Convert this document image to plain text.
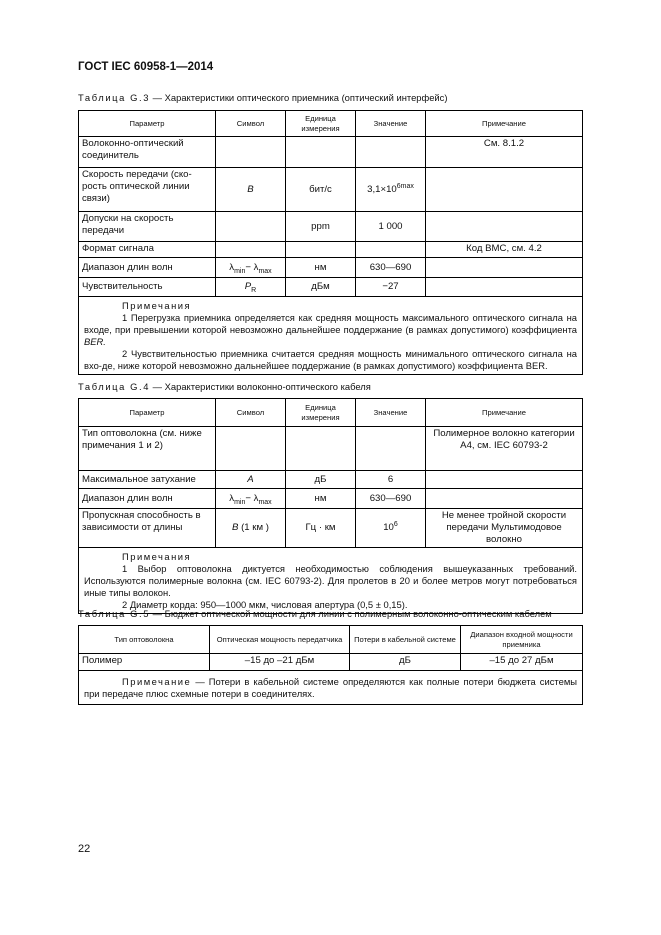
ГОСТ IEC 60958-1—2014
Таблица G.3 — Характеристики оптического приемника (оптический интерфейс)
Параметр	Символ	Единица измерения	Значение	Примечание
Волоконно-оптический соединитель				См. 8.1.2
Скорость передачи (ско-рость оптической линии связи)	B	бит/с	$3,1\times 10^{6max}$	
Допуски на скорость передачи		ppm	1 000	
Формат сигнала				Код ВМС, см. 4.2
Диапазон длин волн	$\lambda_{min}- \lambda_{max}$	нм	630—690	
Чувствительность	$P_R$	дБм	−27	

Примечания
1 Перегрузка приемника определяется как средняя мощность максимального оптического сигнала на входе, при превышении которой невозможно дальнейшее поддержание (в рамках допустимого) коэффициента BER.
2 Чувствительностью приемника считается средняя мощность минимального оптического сигнала на вхо-де, ниже которой невозможно дальнейшее поддержание (в рамках допустимого) коэффициента BER.				
Таблица G.4 — Характеристики волоконно-оптического кабеля
Параметр	Символ	Единица измерения	Значение	Примечание
Тип оптоволокна (см. ниже примечания 1 и 2)				Полимерное волокно категории А4, см. IEC 60793-2
Максимальное затухание	A	дБ	6	
Диапазон длин волн	$\lambda_{min}- \lambda_{max}$	нм	630—690	
Пропускная способность в зависимости от длины	B (1 км )	Гц · км	$10^6$	Не менее тройной скорости передачи Мультимодовое волокно

Примечания
1 Выбор оптоволокна диктуется необходимостью соблюдения вышеуказанных требований. Используются полимерные волокна (см. IEC 60793-2). Для пролетов в 20 и более метров могут потребоваться иные типы волокон.
2 Диаметр корда: 950—1000 мкм, числовая апертура (0,5 ± 0,15).				
Таблица G.5 — Бюджет оптической мощности для линии с полимерным волоконно-оптическим кабелем
Тип оптоволокна	Оптическая мощность передатчика	Потери в кабельной системе	Диапазон входной мощности приемника
Полимер	–15 до –21 дБм	дБ	–15 до 27 дБм

Примечание — Потери в кабельной системе определяются как полные потери бюджета системы при передаче плюс схемные потери в соединителях.			
22
